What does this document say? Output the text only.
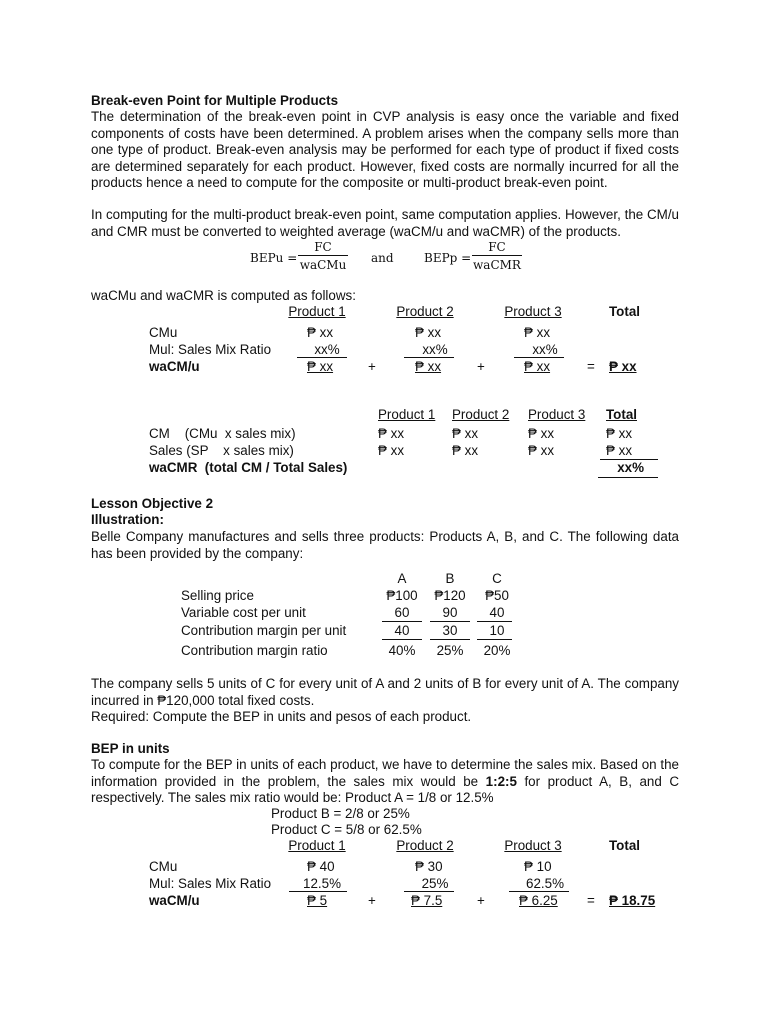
Break-even Point for Multiple Products
The determination of the break-even point in CVP analysis is easy once the variable and fixed components of costs have been determined. A problem arises when the company sells more than one type of product. Break-even analysis may be performed for each type of product if fixed costs are determined separately for each product. However, fixed costs are normally incurred for all the products hence a need to compute for the composite or multi-product break-even point.
In computing for the multi-product break-even point, same computation applies. However, the CM/u and CMR must be converted to weighted average (waCM/u and waCMR) of the products.
BEPu =
FC
waCMu and	BEPp =
FC
waCMR
waCMu and waCMR is computed as follows:
Product 1	Product 2	Product 3	Total
CMu	₱ xx	₱ xx	₱ xx
Mul: Sales Mix Ratio	xx%	xx%	xx%
waCM/u	₱ xx	+	₱ xx	+	₱ xx	= ₱ xx
Product 1 Product 2 Product 3 Total
CM    (CMu  x sales mix)	₱ xx	₱ xx	₱ xx	₱ xx
Sales (SP    x sales mix)	₱ xx	₱ xx	₱ xx	₱ xx
waCMR  (total CM / Total Sales)	xx%
Lesson Objective 2
Illustration:
Belle Company manufactures and sells three products: Products A, B, and C. The following data has been provided by the company:
A	B	C
Selling price	₱100	₱120	₱50
Variable cost per unit	60	90	40
Contribution margin per unit	40	30	10
Contribution margin ratio	40%	25%	20%
The company sells 5 units of C for every unit of A and 2 units of B for every unit of A. The company incurred in ₱120,000 total fixed costs.
Required: Compute the BEP in units and pesos of each product.
BEP in units
To compute for the BEP in units of each product, we have to determine the sales mix. Based on the information provided in the problem, the sales mix would be 1:2:5 for product A, B, and C respectively. The sales mix ratio would be: Product A = 1/8 or 12.5%
Product B = 2/8 or 25%
Product C = 5/8 or 62.5%
Product 1	Product 2	Product 3	Total
CMu	₱ 40	₱ 30	₱ 10
Mul: Sales Mix Ratio	12.5%	25%	62.5%
waCM/u	₱ 5	+	₱ 7.5	+	₱ 6.25 = ₱ 18.75
